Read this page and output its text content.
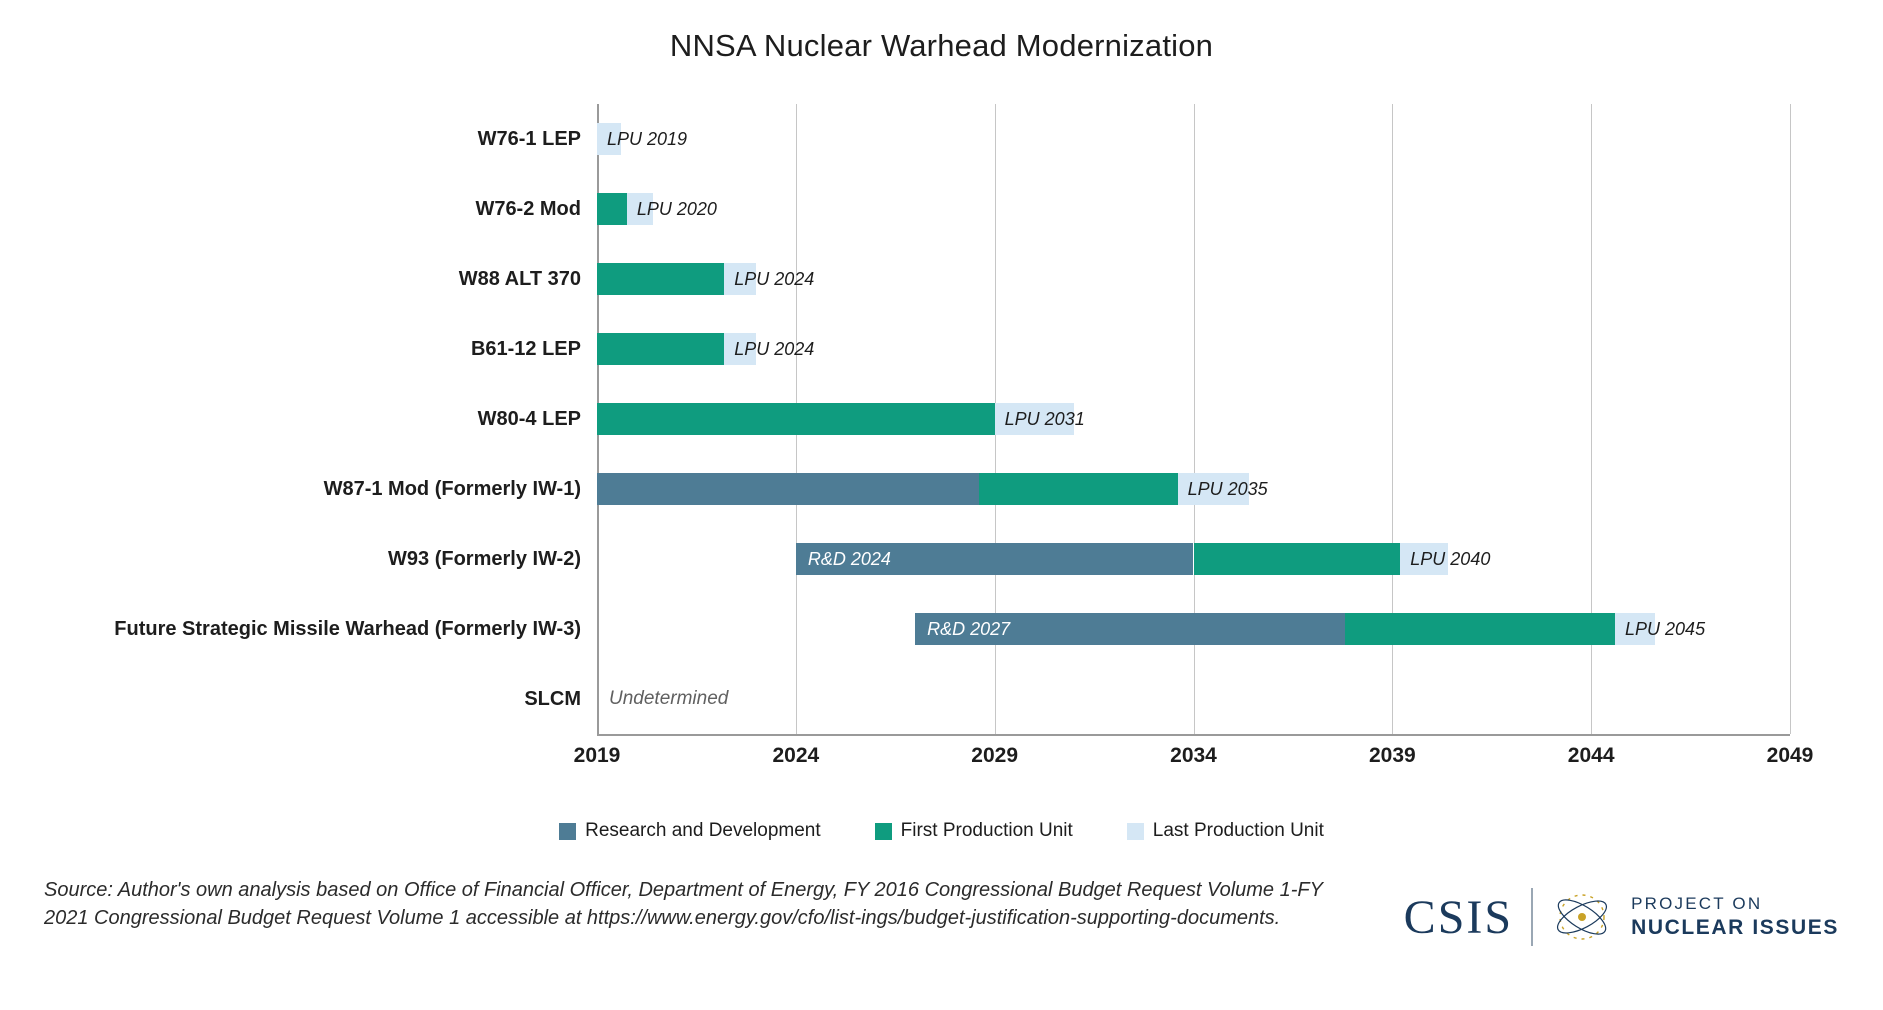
NNSA Nuclear Warhead Modernization
W76-1 LEP	LPU 2019
W76-2 Mod	LPU 2020
W88 ALT 370	LPU 2024
B61-12 LEP	LPU 2024
W80-4 LEP	LPU 2031
W87-1 Mod (Formerly IW-1)	LPU 2035
W93 (Formerly IW-2)	R&D 2024	LPU 2040
Future Strategic Missile Warhead (Formerly IW-3)	R&D 2027	LPU 2045
SLCM	Undetermined
2019	2024	2029	2034	2039	2044	2049
Research and Development	First Production Unit	Last Production Unit
Source: Author's own analysis based on Office of Financial Officer, Department of Energy, FY 2016 Congressional Budget Request Volume 1-FY 2021 Congressional Budget Request Volume 1 accessible at https://www.energy.gov/cfo/list-ings/budget-justification-supporting-documents.	CSIS	PROJECT ON
NUCLEAR ISSUES
